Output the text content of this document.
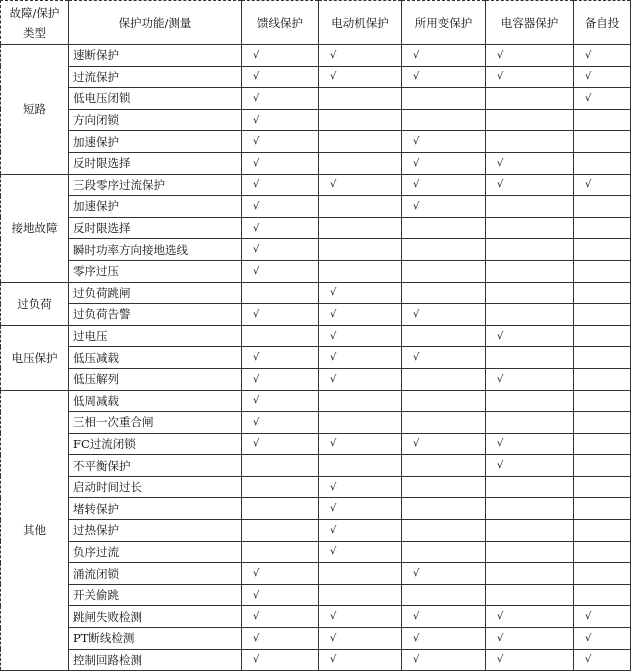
故障/保护
类型	保护功能/测量	馈线保护	电动机保护	所用变保护	电容器保护	备自投
短路	速断保护	√	√	√	√	√
	过流保护	√	√	√	√	√
	低电压闭锁	√				√
	方向闭锁	√				
	加速保护	√		√		
	反时限选择	√		√	√	
接地故障	三段零序过流保护	√	√	√	√	√
	加速保护	√		√		
	反时限选择	√				
	瞬时功率方向接地选线	√				
	零序过压	√				
过负荷	过负荷跳闸		√			
	过负荷告警	√	√	√		
电压保护	过电压		√		√	
	低压减载	√	√	√		
	低压解列	√	√		√	
其他	低周减载	√				
	三相一次重合闸	√				
	FC过流闭锁	√	√	√	√	
	不平衡保护				√	
	启动时间过长		√			
	堵转保护		√			
	过热保护		√			
	负序过流		√			
	涌流闭锁	√		√		
	开关偷跳	√				
	跳闸失败检测	√	√	√	√	√
	PT断线检测	√	√	√	√	√
	控制回路检测	√	√	√	√	√
